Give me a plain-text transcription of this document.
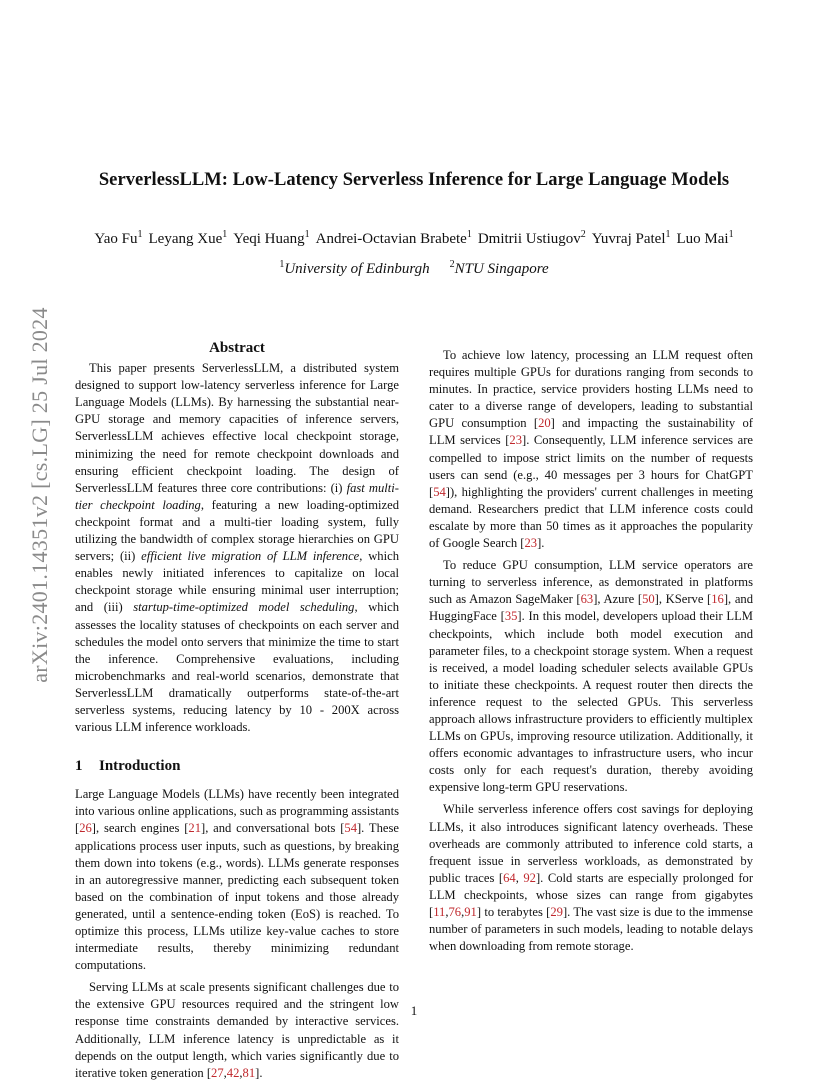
ServerlessLLM: Low-Latency Serverless Inference for Large Language Models
Yao Fu$^1$ Leyang Xue$^1$ Yeqi Huang$^1$ Andrei-Octavian Brabete$^1$ Dmitrii Ustiugov$^2$ Yuvraj Patel$^1$ Luo Mai$^1$
$^1$University of Edinburgh $^2$NTU Singapore
arXiv:2401.14351v2 [cs.LG] 25 Jul 2024	Abstract

This paper presents ServerlessLLM, a distributed system designed to support low-latency serverless inference for Large Language Models (LLMs). By harnessing the substantial near-GPU storage and memory capacities of inference servers, ServerlessLLM achieves effective local checkpoint storage, minimizing the need for remote checkpoint downloads and ensuring efficient checkpoint loading. The design of ServerlessLLM features three core contributions: (i) fast multi-tier checkpoint loading, featuring a new loading-optimized checkpoint format and a multi-tier loading system, fully utilizing the bandwidth of complex storage hierarchies on GPU servers; (ii) efficient live migration of LLM inference, which enables newly initiated inferences to capitalize on local checkpoint storage while ensuring minimal user interruption; and (iii) startup-time-optimized model scheduling, which assesses the locality statuses of checkpoints on each server and schedules the model onto servers that minimize the time to start the inference. Comprehensive evaluations, including microbenchmarks and real-world scenarios, demonstrate that ServerlessLLM dramatically outperforms state-of-the-art serverless systems, reducing latency by 10 - 200X across various LLM inference workloads.

1 Introduction

Large Language Models (LLMs) have recently been integrated into various online applications, such as programming assistants [26], search engines [21], and conversational bots [54]. These applications process user inputs, such as questions, by breaking them down into tokens (e.g., words). LLMs generate responses in an autoregressive manner, predicting each subsequent token based on the combination of input tokens and those already generated, until a sentence-ending token (EoS) is reached. To optimize this process, LLMs utilize key-value caches to store intermediate results, thereby minimizing redundant computations.

Serving LLMs at scale presents significant challenges due to the extensive GPU resources required and the stringent low response time constraints demanded by interactive services. Additionally, LLM inference latency is unpredictable as it depends on the output length, which varies significantly due to iterative token generation [27,42,81].

To achieve low latency, processing an LLM request often requires multiple GPUs for durations ranging from seconds to minutes. In practice, service providers hosting LLMs need to cater to a diverse range of developers, leading to substantial GPU consumption [20] and impacting the sustainability of LLM services [23]. Consequently, LLM inference services are compelled to impose strict limits on the number of requests users can send (e.g., 40 messages per 3 hours for ChatGPT [54]), highlighting the providers' current challenges in meeting demand. Researchers predict that LLM inference costs could escalate by more than 50 times as it approaches the popularity of Google Search [23].

To reduce GPU consumption, LLM service operators are turning to serverless inference, as demonstrated in platforms such as Amazon SageMaker [63], Azure [50], KServe [16], and HuggingFace [35]. In this model, developers upload their LLM checkpoints, which include both model execution and parameter files, to a checkpoint storage system. When a request is received, a model loading scheduler selects available GPUs to initiate these checkpoints. A request router then directs the inference request to the selected GPUs. This serverless approach allows infrastructure providers to efficiently multiplex LLMs on GPUs, improving resource utilization. Additionally, it offers economic advantages to infrastructure users, who incur costs only for each request's duration, thereby avoiding expensive long-term GPU reservations.

While serverless inference offers cost savings for deploying LLMs, it also introduces significant latency overheads. These overheads are commonly attributed to inference cold starts, a frequent issue in serverless workloads, as demonstrated by public traces [64, 92]. Cold starts are especially prolonged for LLM checkpoints, whose sizes can range from gigabytes [11,76,91] to terabytes [29]. The vast size is due to the immense number of parameters in such models, leading to notable delays when downloading from remote storage.

1
